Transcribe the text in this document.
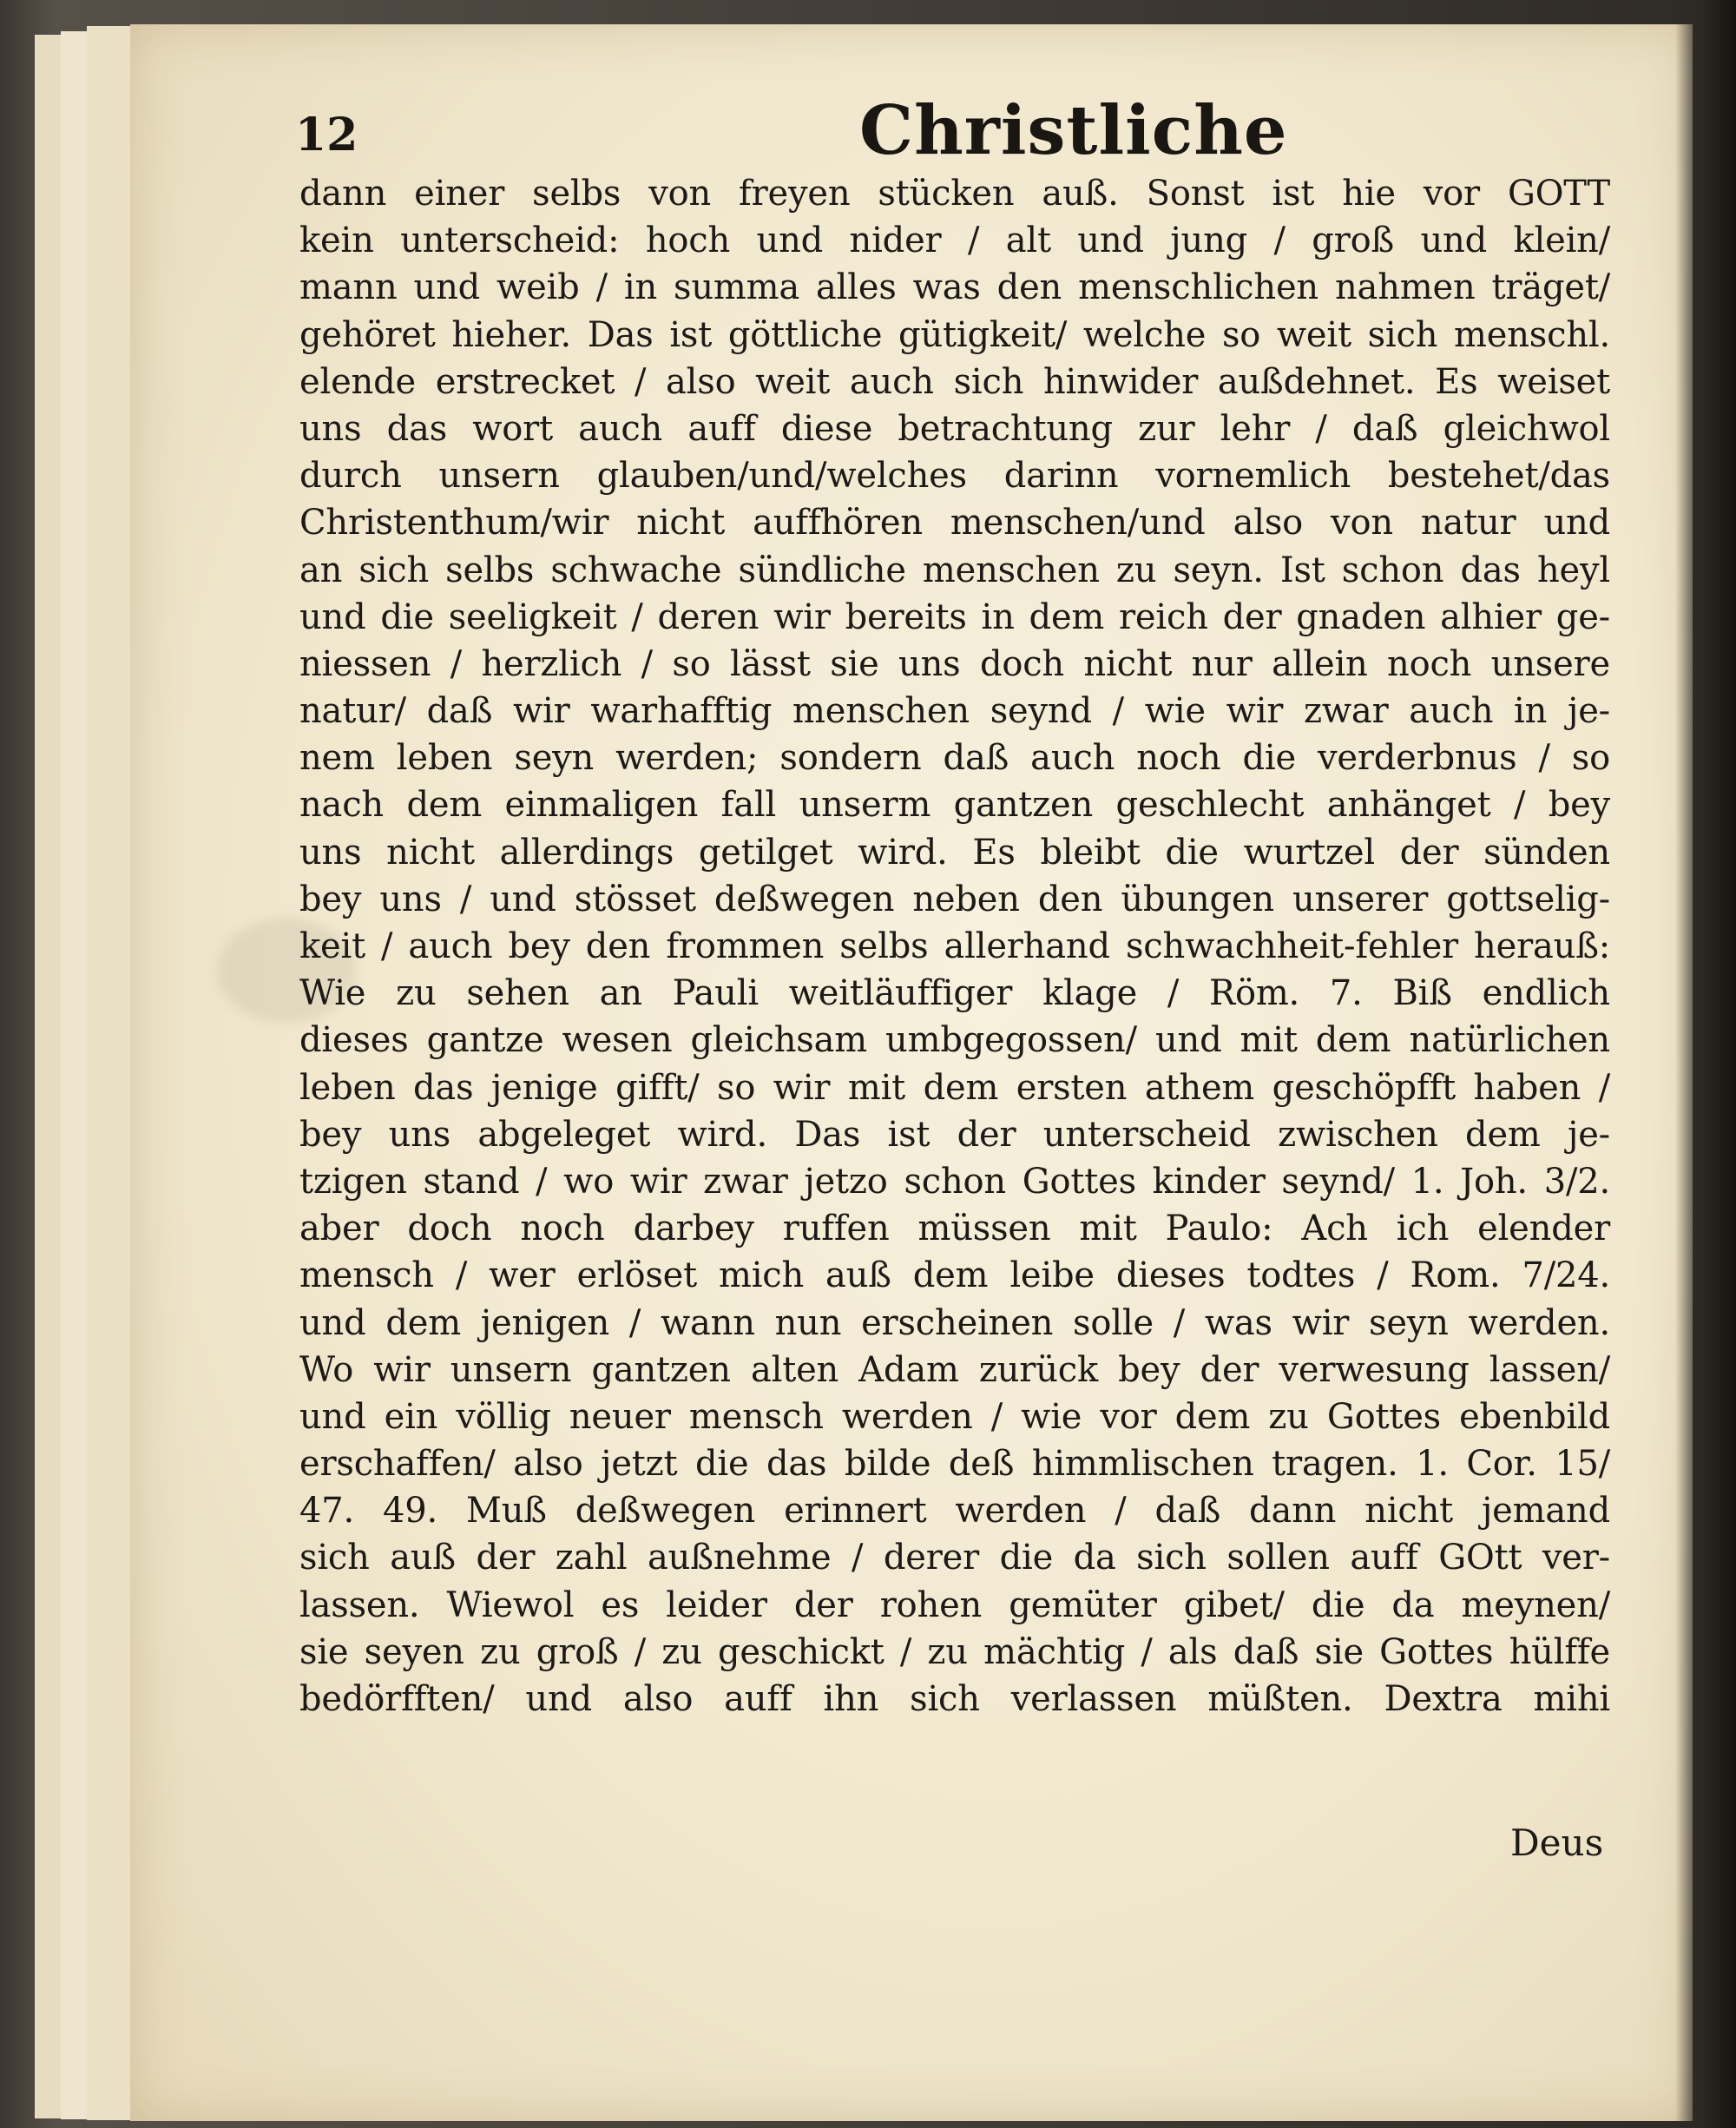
12	Christliche
dann einer selbs von freyen stücken auß. Sonst ist hie vor GOTT
kein unterscheid: hoch und nider / alt und jung / groß und klein/
mann und weib / in summa alles was den menschlichen nahmen träget/
gehöret hieher. Das ist göttliche gütigkeit/ welche so weit sich menschl.
elende erstrecket / also weit auch sich hinwider außdehnet. Es weiset
uns das wort auch auff diese betrachtung zur lehr / daß gleichwol
durch unsern glauben/und/welches darinn vornemlich bestehet/das
Christenthum/wir nicht auffhören menschen/und also von natur und
an sich selbs schwache sündliche menschen zu seyn. Ist schon das heyl
und die seeligkeit / deren wir bereits in dem reich der gnaden alhier ge-
niessen / herzlich / so lässt sie uns doch nicht nur allein noch unsere
natur/ daß wir warhafftig menschen seynd / wie wir zwar auch in je-
nem leben seyn werden; sondern daß auch noch die verderbnus / so
nach dem einmaligen fall unserm gantzen geschlecht anhänget / bey
uns nicht allerdings getilget wird. Es bleibt die wurtzel der sünden
bey uns / und stösset deßwegen neben den übungen unserer gottselig-
keit / auch bey den frommen selbs allerhand schwachheit-fehler herauß:
Wie zu sehen an Pauli weitläuffiger klage / Röm. 7. Biß endlich
dieses gantze wesen gleichsam umbgegossen/ und mit dem natürlichen
leben das jenige gifft/ so wir mit dem ersten athem geschöpfft haben /
bey uns abgeleget wird. Das ist der unterscheid zwischen dem je-
tzigen stand / wo wir zwar jetzo schon Gottes kinder seynd/ 1. Joh. 3/2.
aber doch noch darbey ruffen müssen mit Paulo: Ach ich elender
mensch / wer erlöset mich auß dem leibe dieses todtes / Rom. 7/24.
und dem jenigen / wann nun erscheinen solle / was wir seyn werden.
Wo wir unsern gantzen alten Adam zurück bey der verwesung lassen/
und ein völlig neuer mensch werden / wie vor dem zu Gottes ebenbild
erschaffen/ also jetzt die das bilde deß himmlischen tragen. 1. Cor. 15/
47. 49. Muß deßwegen erinnert werden / daß dann nicht jemand
sich auß der zahl außnehme / derer die da sich sollen auff GOtt ver-
lassen. Wiewol es leider der rohen gemüter gibet/ die da meynen/
sie seyen zu groß / zu geschickt / zu mächtig / als daß sie Gottes hülffe
bedörfften/ und also auff ihn sich verlassen müßten. Dextra mihi
Deus
